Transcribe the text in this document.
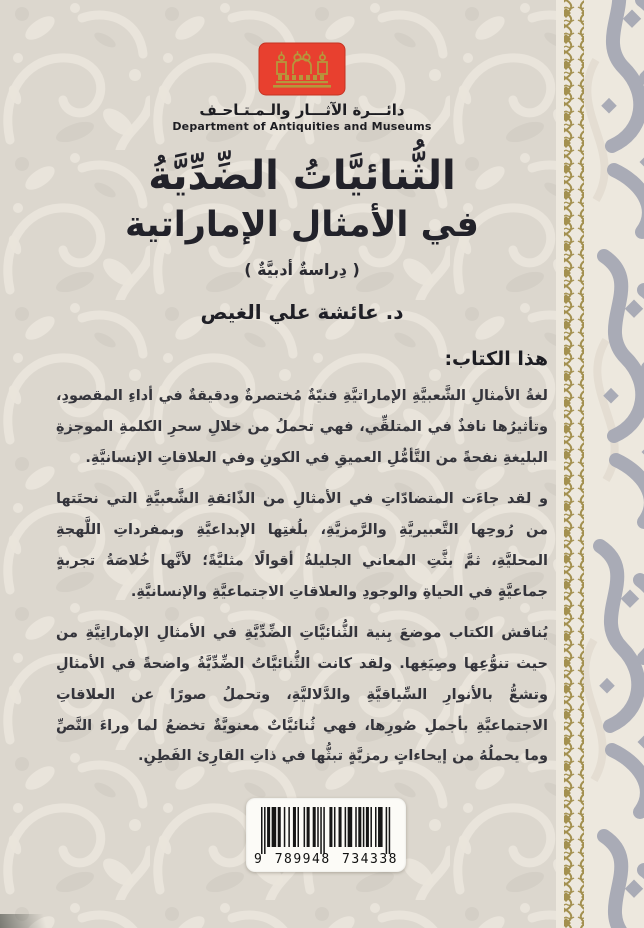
دائـــرة الآثـــار والـمـتـاحـف
Department of Antiquities and Museums
الثُّنائيَّاتُ الضِّدِّيَّةُ
في الأمثال الإماراتية
( دِراسةٌ أدبيَّةٌ )
د. عائشة علي الغيص
هذا الكتاب:

لغةُ الأمثالِ الشَّعبيَّةِ الإماراتيَّةِ فنيّةٌ مُختصرةٌ ودقيقةٌ في أداءِ المقصودِ، وتأثيرُها نافذٌ في المتلقِّي، فهي تحملُ من خلالِ سحرِ الكلمةِ الموجزةِ البليغةِ نفحةً من التَّأمُّلِ العميقِ في الكونِ وفي العلاقاتِ الإنسانيَّةِ.

و لقد جاءَت المتضادّاتِ في الأمثالِ من الذّائقةِ الشَّعبيَّةِ التي نحتَتها من رُوحِها التَّعبيريَّةِ والرَّمزيَّةِ، بلُغتِها الإبداعيَّةِ وبمفرداتِ اللَّهجةِ المحليَّةِ، ثمَّ بثَّتِ المعاني الجليلةُ أقوالًا مثليَّةً؛ لأنَّها خُلاصَةُ تجربةٍ جماعيَّةٍ في الحياةِ والوجودِ والعلاقاتِ الاجتماعيَّةِ والإنسانيَّةِ.

يُناقش الكتاب موضعَ بِنية الثُّنائيَّاتِ الضِّدِّيَّةِ في الأمثالِ الإماراتِيَّةِ من حيث تنوُّعِها وصِيَغِها. ولقد كانت الثُّنائيَّاتُ الضِّدِّيَّةُ واضحةً في الأمثالِ وتشعُّ بالأنوارِ السِّياقيَّةِ والدَّلاليَّةِ، وتحملُ صورًا عن العلاقاتِ الاجتماعيَّةِ بأجملِ صُورِها، فهي ثُنائيَّاتٌ معنويَّةٌ تخضعُ لما وراءَ النَّصِّ وما يحملُهُ من إيحاءاتٍ رمزيَّةٍ تبثُّها في ذاتِ القارِئ الفَطِنِ.

9 789948 734338
